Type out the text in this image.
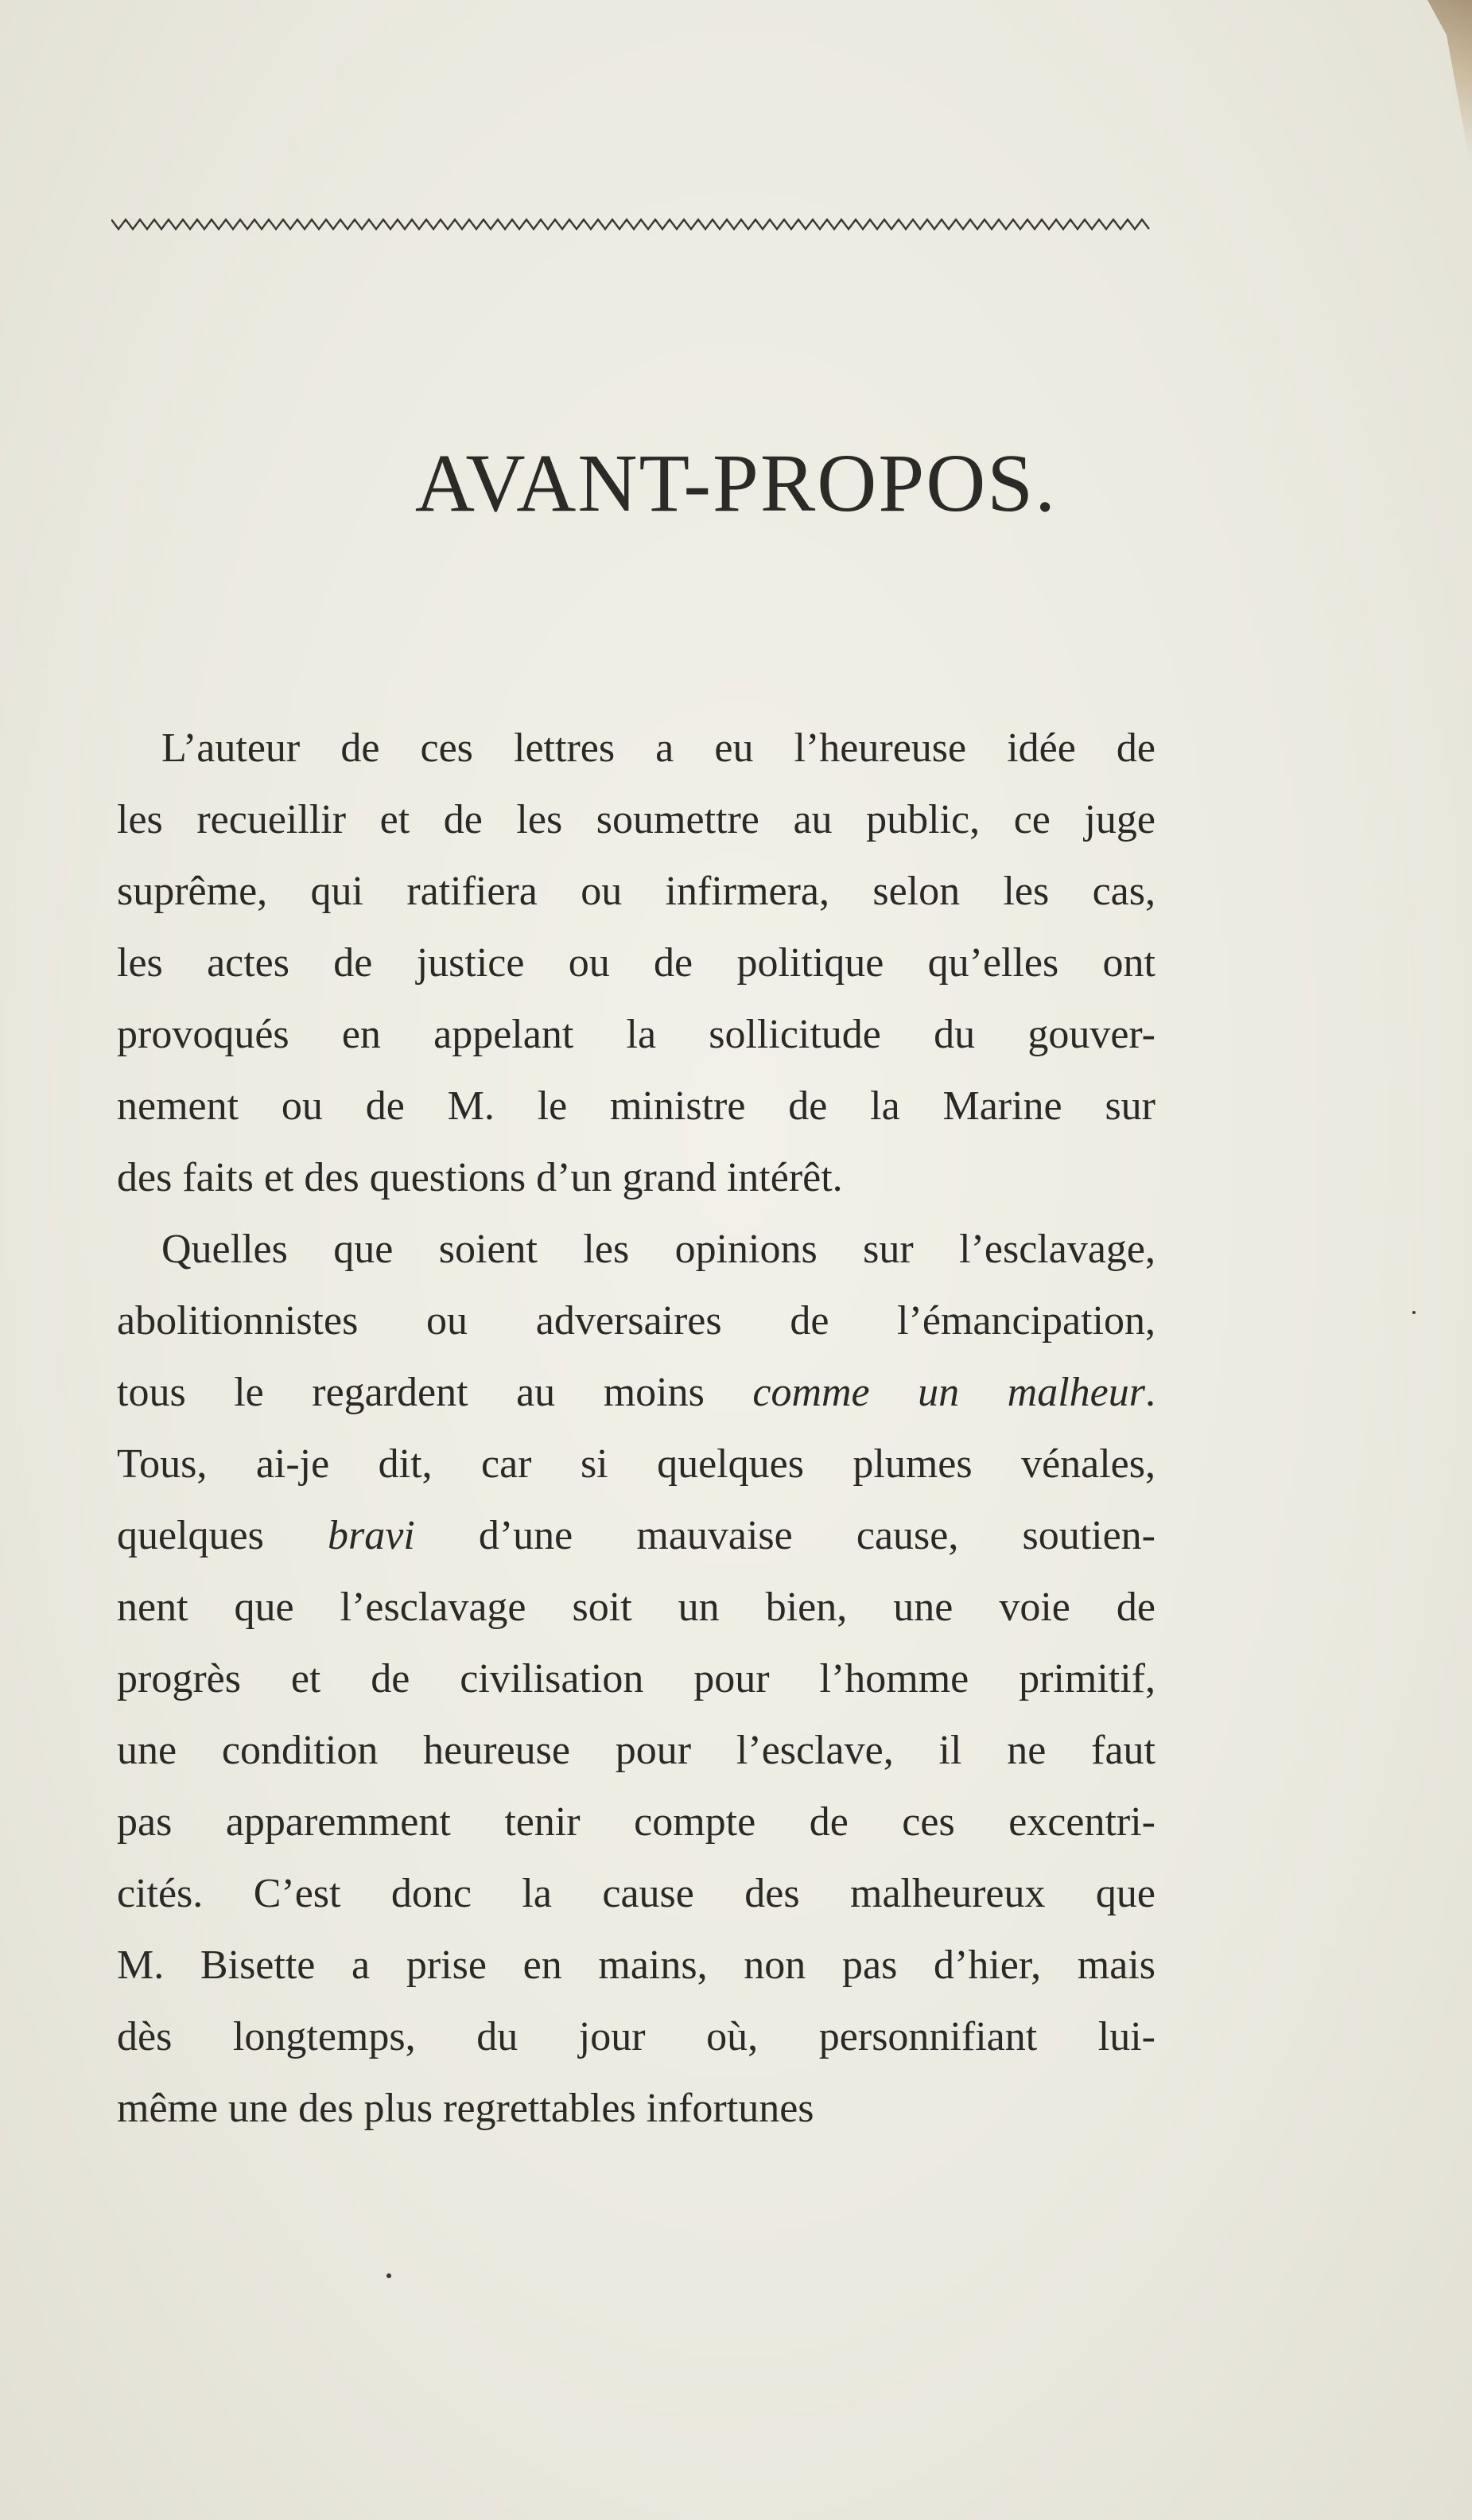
AVANT-PROPOS.
L’auteur de ces lettres a eu l’heureuse idée de
les recueillir et de les soumettre au public, ce juge
suprême, qui ratifiera ou infirmera, selon les cas,
les actes de justice ou de politique qu’elles ont
provoqués en appelant la sollicitude du gouver-
nement ou de M. le ministre de la Marine sur
des faits et des questions d’un grand intérêt.
Quelles que soient les opinions sur l’esclavage,
abolitionnistes ou adversaires de l’émancipation,
tous le regardent au moins comme un malheur.
Tous, ai-je dit, car si quelques plumes vénales,
quelques bravi d’une mauvaise cause, soutien-
nent que l’esclavage soit un bien, une voie de
progrès et de civilisation pour l’homme primitif,
une condition heureuse pour l’esclave, il ne faut
pas apparemment tenir compte de ces excentri-
cités. C’est donc la cause des malheureux que
M. Bisette a prise en mains, non pas d’hier, mais
dès longtemps, du jour où, personnifiant lui-
même une des plus regrettables infortunes
